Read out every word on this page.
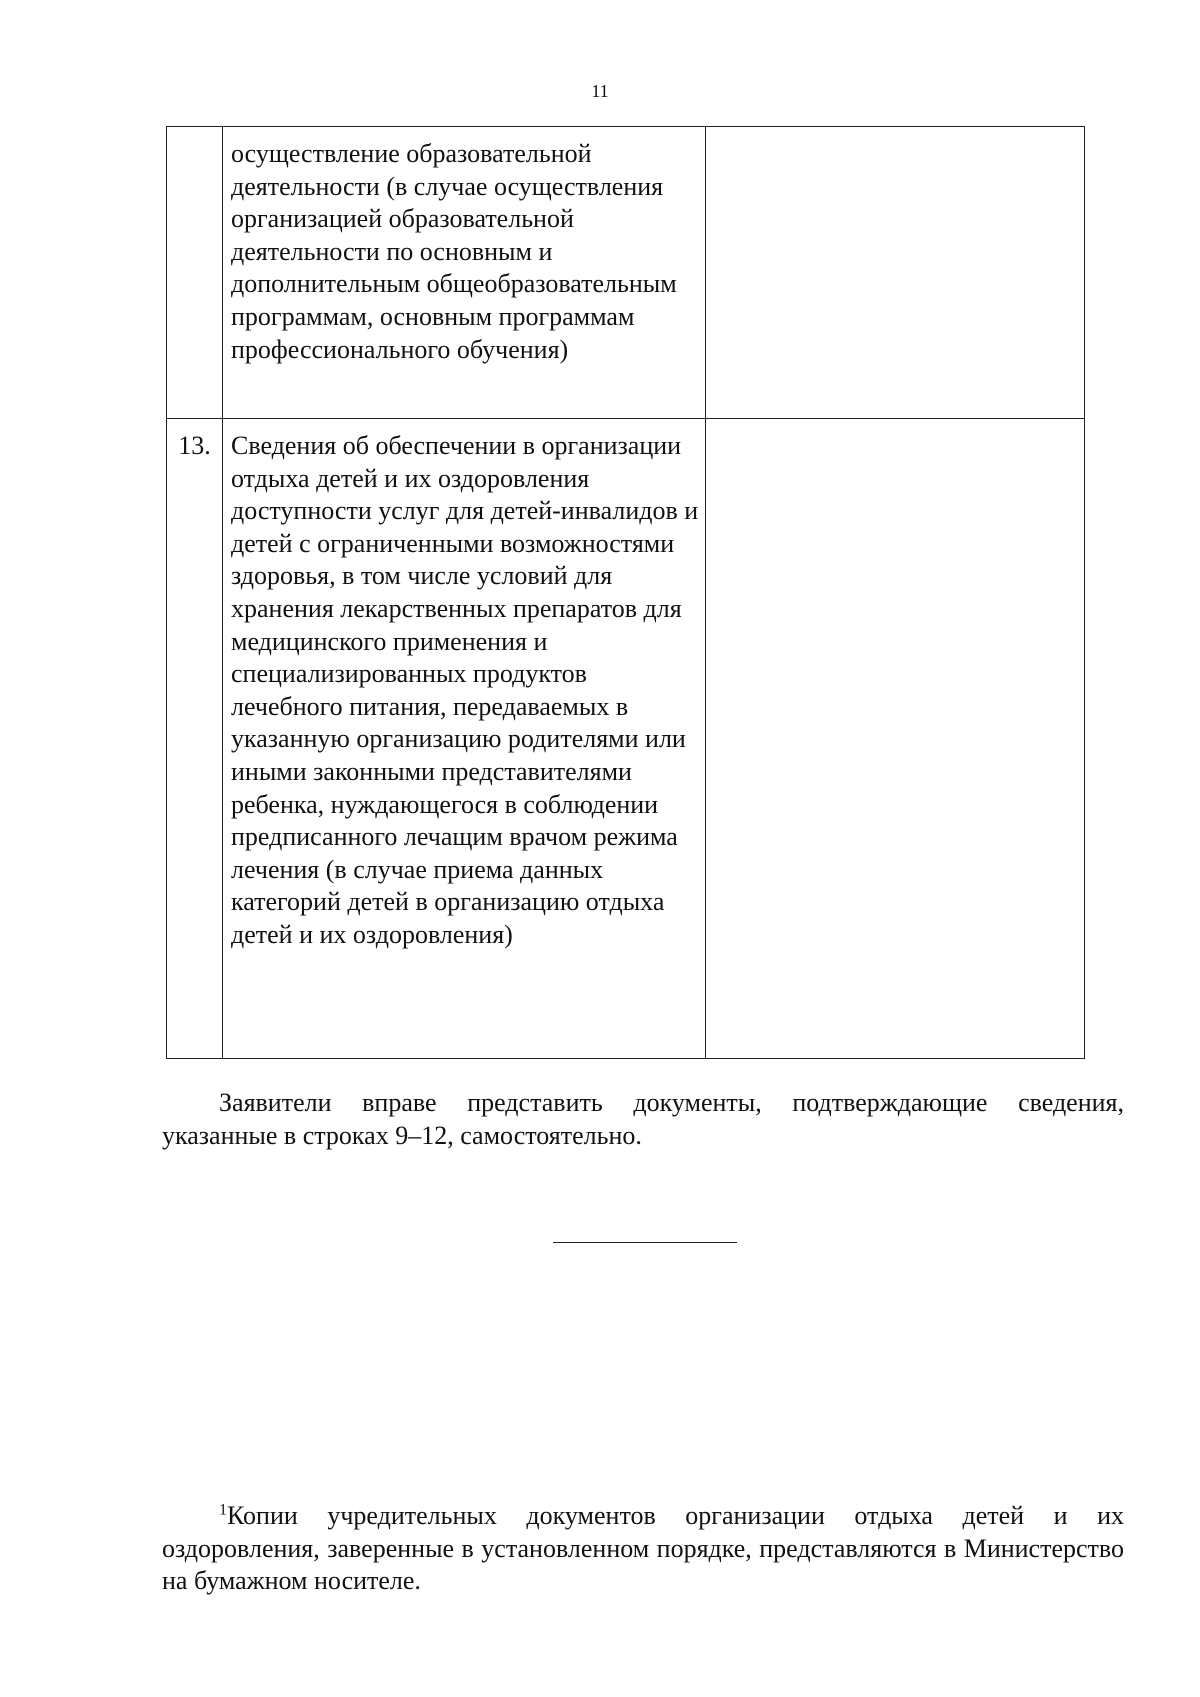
11
	осуществление образовательной деятельности (в случае осуществления организацией образовательной деятельности по основным и дополнительным общеобразовательным программам, основным программам профессионального обучения)	
13.	Сведения об обеспечении в организации отдыха детей и их оздоровления доступности услуг для детей-инвалидов и детей с ограниченными возможностями здоровья, в том числе условий для хранения лекарственных препаратов для медицинского применения и специализированных продуктов лечебного питания, передаваемых в указанную организацию родителями или иными законными представителями ребенка, нуждающегося в соблюдении предписанного лечащим врачом режима лечения (в случае приема данных категорий детей в организацию отдыха детей и их оздоровления)	

Заявители вправе представить документы, подтверждающие сведения, указанные в строках 9–12, самостоятельно.

$^1$Копии учредительных документов организации отдыха детей и их оздоровления, заверенные в установленном порядке, представляются в Министерство на бумажном носителе.
